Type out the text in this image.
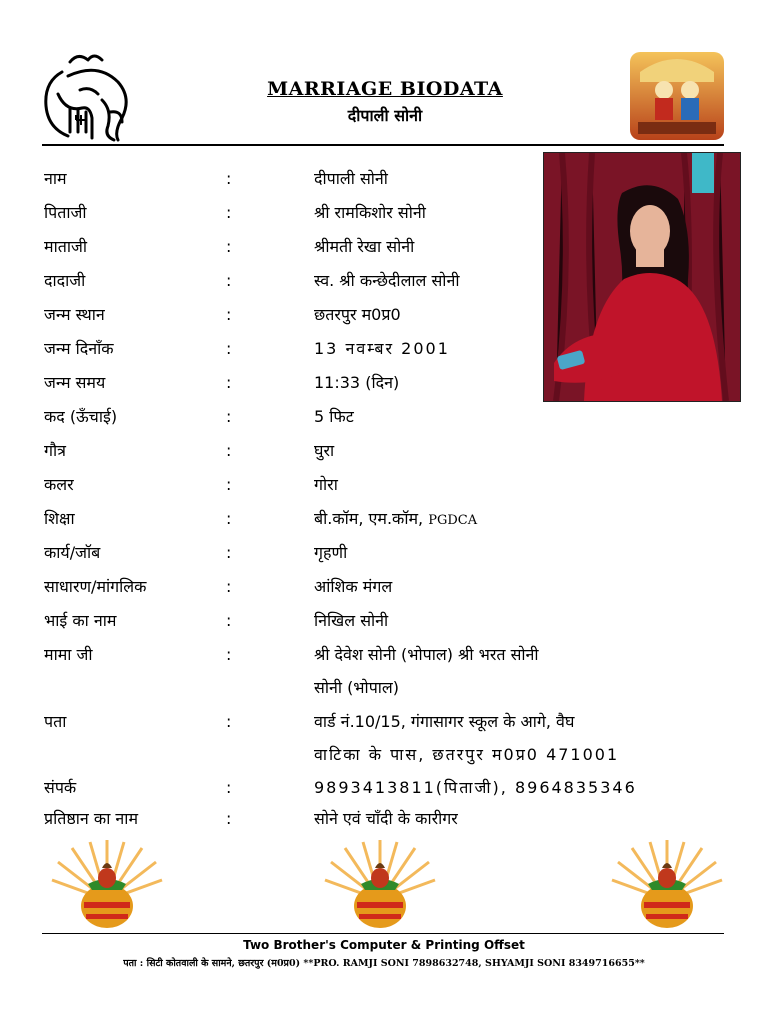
MARRIAGE BIODATA
दीपाली सोनी
नाम	:	दीपाली सोनी
पिताजी	:	श्री रामकिशोर सोनी
माताजी	:	श्रीमती रेखा सोनी
दादाजी	:	स्व. श्री कन्छेदीलाल सोनी
जन्म स्थान	:	छतरपुर म0प्र0
जन्म दिनाँक	:	13 नवम्बर 2001
जन्म समय	:	11:33 (दिन)
कद (ऊँचाई)	:	5 फिट
गौत्र	:	घुरा
कलर	:	गोरा
शिक्षा	:	बी.कॉम, एम.कॉम, PGDCA
कार्य/जॉब	:	गृहणी
साधारण/मांगलिक	:	आंशिक मंगल
भाई का नाम	:	निखिल सोनी
मामा जी	:	श्री देवेश सोनी (भोपाल) श्री भरत सोनी
सोनी (भोपाल)
पता	:	वार्ड नं.10/15, गंगासागर स्कूल के आगे, वैघ
वाटिका के पास, छतरपुर म0प्र0 471001
संपर्क	:	9893413811(पिताजी), 8964835346
प्रतिष्ठान का नाम	:	सोने एवं चाँदी के कारीगर
Two Brother's Computer & Printing Offset
पता : सिटी कोतवाली के सामने, छतरपुर (म0प्र0) **PRO. RAMJI SONI 7898632748, SHYAMJI SONI 8349716655**
